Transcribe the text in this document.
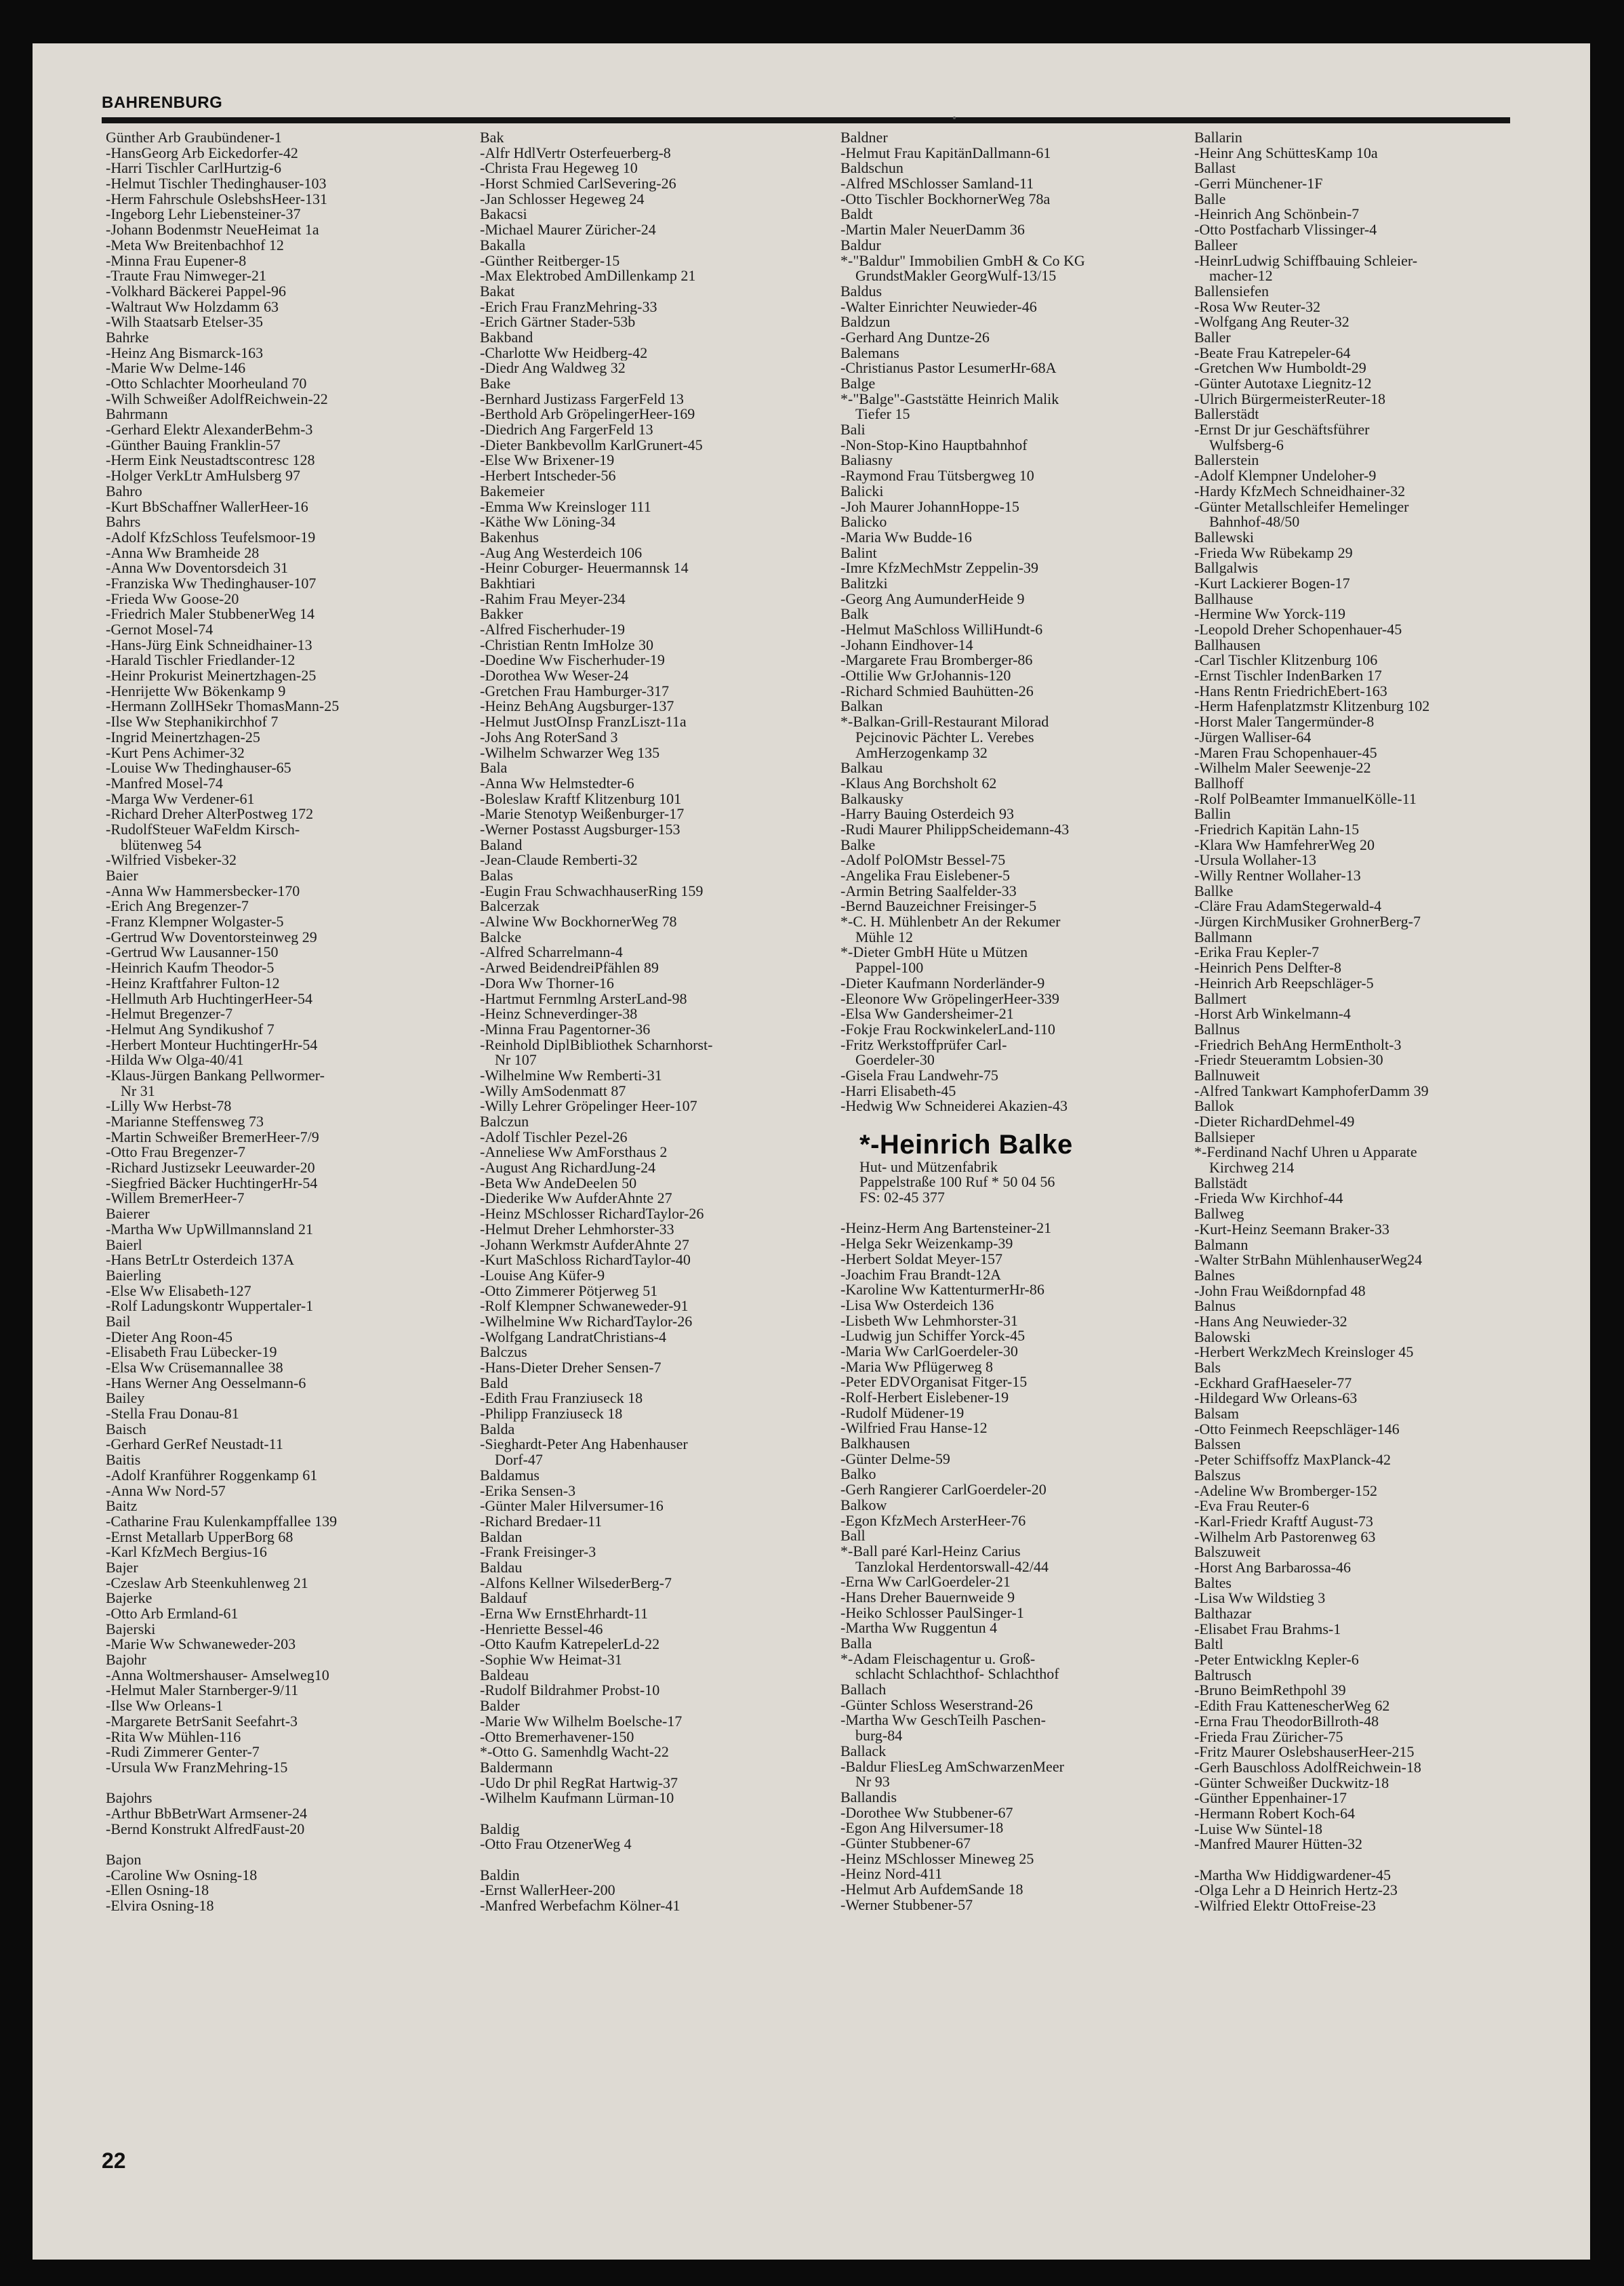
BAHRENBURG
Günther Arb Graubündener-1
-HansGeorg Arb Eickedorfer-42
-Harri Tischler CarlHurtzig-6
-Helmut Tischler Thedinghauser-103
-Herm Fahrschule OslebshsHeer-131
-Ingeborg Lehr Liebensteiner-37
-Johann Bodenmstr NeueHeimat 1a
-Meta Ww Breitenbachhof 12
-Minna Frau Eupener-8
-Traute Frau Nimweger-21
-Volkhard Bäckerei Pappel-96
-Waltraut Ww Holzdamm 63
-Wilh Staatsarb Etelser-35
Bahrke
-Heinz Ang Bismarck-163
-Marie Ww Delme-146
-Otto Schlachter Moorheuland 70
-Wilh Schweißer AdolfReichwein-22
Bahrmann
-Gerhard Elektr AlexanderBehm-3
-Günther Bauing Franklin-57
-Herm Eink Neustadtscontresc 128
-Holger VerkLtr AmHulsberg 97
Bahro
-Kurt BbSchaffner WallerHeer-16
Bahrs
-Adolf KfzSchloss Teufelsmoor-19
-Anna Ww Bramheide 28
-Anna Ww Doventorsdeich 31
-Franziska Ww Thedinghauser-107
-Frieda Ww Goose-20
-Friedrich Maler StubbenerWeg 14
-Gernot Mosel-74
-Hans-Jürg Eink Schneidhainer-13
-Harald Tischler Friedlander-12
-Heinr Prokurist Meinertzhagen-25
-Henrijette Ww Bökenkamp 9
-Hermann ZollHSekr ThomasMann-25
-Ilse Ww Stephanikirchhof 7
-Ingrid Meinertzhagen-25
-Kurt Pens Achimer-32
-Louise Ww Thedinghauser-65
-Manfred Mosel-74
-Marga Ww Verdener-61
-Richard Dreher AlterPostweg 172
-RudolfSteuer WaFeldm Kirsch-
blütenweg 54
-Wilfried Visbeker-32
Baier
-Anna Ww Hammersbecker-170
-Erich Ang Bregenzer-7
-Franz Klempner Wolgaster-5
-Gertrud Ww Doventorsteinweg 29
-Gertrud Ww Lausanner-150
-Heinrich Kaufm Theodor-5
-Heinz Kraftfahrer Fulton-12
-Hellmuth Arb HuchtingerHeer-54
-Helmut Bregenzer-7
-Helmut Ang Syndikushof 7
-Herbert Monteur HuchtingerHr-54
-Hilda Ww Olga-40/41
-Klaus-Jürgen Bankang Pellwormer-
Nr 31
-Lilly Ww Herbst-78
-Marianne Steffensweg 73
-Martin Schweißer BremerHeer-7/9
-Otto Frau Bregenzer-7
-Richard Justizsekr Leeuwarder-20
-Siegfried Bäcker HuchtingerHr-54
-Willem BremerHeer-7
Baierer
-Martha Ww UpWillmannsland 21
Baierl
-Hans BetrLtr Osterdeich 137A
Baierling
-Else Ww Elisabeth-127
-Rolf Ladungskontr Wuppertaler-1
Bail
-Dieter Ang Roon-45
-Elisabeth Frau Lübecker-19
-Elsa Ww Crüsemannallee 38
-Hans Werner Ang Oesselmann-6
Bailey
-Stella Frau Donau-81
Baisch
-Gerhard GerRef Neustadt-11
Baitis
-Adolf Kranführer Roggenkamp 61
-Anna Ww Nord-57
Baitz
-Catharine Frau Kulenkampffallee 139
-Ernst Metallarb UpperBorg 68
-Karl KfzMech Bergius-16
Bajer
-Czeslaw Arb Steenkuhlenweg 21
Bajerke
-Otto Arb Ermland-61
Bajerski
-Marie Ww Schwaneweder-203
Bajohr
-Anna Woltmershauser- Amselweg10
-Helmut Maler Starnberger-9/11
-Ilse Ww Orleans-1
-Margarete BetrSanit Seefahrt-3
-Rita Ww Mühlen-116
-Rudi Zimmerer Genter-7
-Ursula Ww FranzMehring-15

Bajohrs
-Arthur BbBetrWart Armsener-24
-Bernd Konstrukt AlfredFaust-20

Bajon
-Caroline Ww Osning-18
-Ellen Osning-18
-Elvira Osning-18
Bak
-Alfr HdlVertr Osterfeuerberg-8
-Christa Frau Hegeweg 10
-Horst Schmied CarlSevering-26
-Jan Schlosser Hegeweg 24
Bakacsi
-Michael Maurer Züricher-24
Bakalla
-Günther Reitberger-15
-Max Elektrobed AmDillenkamp 21
Bakat
-Erich Frau FranzMehring-33
-Erich Gärtner Stader-53b
Bakband
-Charlotte Ww Heidberg-42
-Diedr Ang Waldweg 32
Bake
-Bernhard Justizass FargerFeld 13
-Berthold Arb GröpelingerHeer-169
-Diedrich Ang FargerFeld 13
-Dieter Bankbevollm KarlGrunert-45
-Else Ww Brixener-19
-Herbert Intscheder-56
Bakemeier
-Emma Ww Kreinsloger 111
-Käthe Ww Löning-34
Bakenhus
-Aug Ang Westerdeich 106
-Heinr Coburger- Heuermannsk 14
Bakhtiari
-Rahim Frau Meyer-234
Bakker
-Alfred Fischerhuder-19
-Christian Rentn ImHolze 30
-Doedine Ww Fischerhuder-19
-Dorothea Ww Weser-24
-Gretchen Frau Hamburger-317
-Heinz BehAng Augsburger-137
-Helmut JustOInsp FranzLiszt-11a
-Johs Ang RoterSand 3
-Wilhelm Schwarzer Weg 135
Bala
-Anna Ww Helmstedter-6
-Boleslaw Kraftf Klitzenburg 101
-Marie Stenotyp Weißenburger-17
-Werner Postasst Augsburger-153
Baland
-Jean-Claude Remberti-32
Balas
-Eugin Frau SchwachhauserRing 159
Balcerzak
-Alwine Ww BockhornerWeg 78
Balcke
-Alfred Scharrelmann-4
-Arwed BeidendreiPfählen 89
-Dora Ww Thorner-16
-Hartmut Fernmlng ArsterLand-98
-Heinz Schneverdinger-38
-Minna Frau Pagentorner-36
-Reinhold DiplBibliothek Scharnhorst-
Nr 107
-Wilhelmine Ww Remberti-31
-Willy AmSodenmatt 87
-Willy Lehrer Gröpelinger Heer-107
Balczun
-Adolf Tischler Pezel-26
-Anneliese Ww AmForsthaus 2
-August Ang RichardJung-24
-Beta Ww AndeDeelen 50
-Diederike Ww AufderAhnte 27
-Heinz MSchlosser RichardTaylor-26
-Helmut Dreher Lehmhorster-33
-Johann Werkmstr AufderAhnte 27
-Kurt MaSchloss RichardTaylor-40
-Louise Ang Küfer-9
-Otto Zimmerer Pötjerweg 51
-Rolf Klempner Schwaneweder-91
-Wilhelmine Ww RichardTaylor-26
-Wolfgang LandratChristians-4
Balczus
-Hans-Dieter Dreher Sensen-7
Bald
-Edith Frau Franziuseck 18
-Philipp Franziuseck 18
Balda
-Sieghardt-Peter Ang Habenhauser
Dorf-47
Baldamus
-Erika Sensen-3
-Günter Maler Hilversumer-16
-Richard Bredaer-11
Baldan
-Frank Freisinger-3
Baldau
-Alfons Kellner WilsederBerg-7
Baldauf
-Erna Ww ErnstEhrhardt-11
-Henriette Bessel-46
-Otto Kaufm KatrepelerLd-22
-Sophie Ww Heimat-31
Baldeau
-Rudolf Bildrahmer Probst-10
Balder
-Marie Ww Wilhelm Boelsche-17
-Otto Bremerhavener-150
*-Otto G. Samenhdlg Wacht-22
Baldermann
-Udo Dr phil RegRat Hartwig-37
-Wilhelm Kaufmann Lürman-10

Baldig
-Otto Frau OtzenerWeg 4

Baldin
-Ernst WallerHeer-200
-Manfred Werbefachm Kölner-41
Baldner
-Helmut Frau KapitänDallmann-61
Baldschun
-Alfred MSchlosser Samland-11
-Otto Tischler BockhornerWeg 78a
Baldt
-Martin Maler NeuerDamm 36
Baldur
*-"Baldur" Immobilien GmbH & Co KG
GrundstMakler GeorgWulf-13/15
Baldus
-Walter Einrichter Neuwieder-46
Baldzun
-Gerhard Ang Duntze-26
Balemans
-Christianus Pastor LesumerHr-68A
Balge
*-"Balge"-Gaststätte Heinrich Malik
Tiefer 15
Bali
-Non-Stop-Kino Hauptbahnhof
Baliasny
-Raymond Frau Tütsbergweg 10
Balicki
-Joh Maurer JohannHoppe-15
Balicko
-Maria Ww Budde-16
Balint
-Imre KfzMechMstr Zeppelin-39
Balitzki
-Georg Ang AumunderHeide 9
Balk
-Helmut MaSchloss WilliHundt-6
-Johann Eindhover-14
-Margarete Frau Bromberger-86
-Ottilie Ww GrJohannis-120
-Richard Schmied Bauhütten-26
Balkan
*-Balkan-Grill-Restaurant Milorad
Pejcinovic Pächter L. Verebes
AmHerzogenkamp 32
Balkau
-Klaus Ang Borchsholt 62
Balkausky
-Harry Bauing Osterdeich 93
-Rudi Maurer PhilippScheidemann-43
Balke
-Adolf PolOMstr Bessel-75
-Angelika Frau Eislebener-5
-Armin Betring Saalfelder-33
-Bernd Bauzeichner Freisinger-5
*-C. H. Mühlenbetr An der Rekumer
Mühle 12
*-Dieter GmbH Hüte u Mützen
Pappel-100
-Dieter Kaufmann Norderländer-9
-Eleonore Ww GröpelingerHeer-339
-Elsa Ww Gandersheimer-21
-Fokje Frau RockwinkelerLand-110
-Fritz Werkstoffprüfer Carl-
Goerdeler-30
-Gisela Frau Landwehr-75
-Harri Elisabeth-45
-Hedwig Ww Schneiderei Akazien-43

*-Heinrich Balke
Hut- und Mützenfabrik
Pappelstraße 100 Ruf * 50 04 56
FS: 02-45 377

-Heinz-Herm Ang Bartensteiner-21
-Helga Sekr Weizenkamp-39
-Herbert Soldat Meyer-157
-Joachim Frau Brandt-12A
-Karoline Ww KattenturmerHr-86
-Lisa Ww Osterdeich 136
-Lisbeth Ww Lehmhorster-31
-Ludwig jun Schiffer Yorck-45
-Maria Ww CarlGoerdeler-30
-Maria Ww Pflügerweg 8
-Peter EDVOrganisat Fitger-15
-Rolf-Herbert Eislebener-19
-Rudolf Müdener-19
-Wilfried Frau Hanse-12
Balkhausen
-Günter Delme-59
Balko
-Gerh Rangierer CarlGoerdeler-20
Balkow
-Egon KfzMech ArsterHeer-76
Ball
*-Ball paré Karl-Heinz Carius
Tanzlokal Herdentorswall-42/44
-Erna Ww CarlGoerdeler-21
-Hans Dreher Bauernweide 9
-Heiko Schlosser PaulSinger-1
-Martha Ww Ruggentun 4
Balla
*-Adam Fleischagentur u. Groß-
schlacht Schlachthof- Schlachthof
Ballach
-Günter Schloss Weserstrand-26
-Martha Ww GeschTeilh Paschen-
burg-84
Ballack
-Baldur FliesLeg AmSchwarzenMeer
Nr 93
Ballandis
-Dorothee Ww Stubbener-67
-Egon Ang Hilversumer-18
-Günter Stubbener-67
-Heinz MSchlosser Mineweg 25
-Heinz Nord-411
-Helmut Arb AufdemSande 18
-Werner Stubbener-57
Ballarin
-Heinr Ang SchüttesKamp 10a
Ballast
-Gerri Münchener-1F
Balle
-Heinrich Ang Schönbein-7
-Otto Postfacharb Vlissinger-4
Balleer
-HeinrLudwig Schiffbauing Schleier-
macher-12
Ballensiefen
-Rosa Ww Reuter-32
-Wolfgang Ang Reuter-32
Baller
-Beate Frau Katrepeler-64
-Gretchen Ww Humboldt-29
-Günter Autotaxe Liegnitz-12
-Ulrich BürgermeisterReuter-18
Ballerstädt
-Ernst Dr jur Geschäftsführer
Wulfsberg-6
Ballerstein
-Adolf Klempner Undeloher-9
-Hardy KfzMech Schneidhainer-32
-Günter Metallschleifer Hemelinger
Bahnhof-48/50
Ballewski
-Frieda Ww Rübekamp 29
Ballgalwis
-Kurt Lackierer Bogen-17
Ballhause
-Hermine Ww Yorck-119
-Leopold Dreher Schopenhauer-45
Ballhausen
-Carl Tischler Klitzenburg 106
-Ernst Tischler IndenBarken 17
-Hans Rentn FriedrichEbert-163
-Herm Hafenplatzmstr Klitzenburg 102
-Horst Maler Tangermünder-8
-Jürgen Walliser-64
-Maren Frau Schopenhauer-45
-Wilhelm Maler Seewenje-22
Ballhoff
-Rolf PolBeamter ImmanuelKölle-11
Ballin
-Friedrich Kapitän Lahn-15
-Klara Ww HamfehrerWeg 20
-Ursula Wollaher-13
-Willy Rentner Wollaher-13
Ballke
-Cläre Frau AdamStegerwald-4
-Jürgen KirchMusiker GrohnerBerg-7
Ballmann
-Erika Frau Kepler-7
-Heinrich Pens Delfter-8
-Heinrich Arb Reepschläger-5
Ballmert
-Horst Arb Winkelmann-4
Ballnus
-Friedrich BehAng HermEntholt-3
-Friedr Steueramtm Lobsien-30
Ballnuweit
-Alfred Tankwart KamphoferDamm 39
Ballok
-Dieter RichardDehmel-49
Ballsieper
*-Ferdinand Nachf Uhren u Apparate
Kirchweg 214
Ballstädt
-Frieda Ww Kirchhof-44
Ballweg
-Kurt-Heinz Seemann Braker-33
Balmann
-Walter StrBahn MühlenhauserWeg24
Balnes
-John Frau Weißdornpfad 48
Balnus
-Hans Ang Neuwieder-32
Balowski
-Herbert WerkzMech Kreinsloger 45
Bals
-Eckhard GrafHaeseler-77
-Hildegard Ww Orleans-63
Balsam
-Otto Feinmech Reepschläger-146
Balssen
-Peter Schiffsoffz MaxPlanck-42
Balszus
-Adeline Ww Bromberger-152
-Eva Frau Reuter-6
-Karl-Friedr Kraftf August-73
-Wilhelm Arb Pastorenweg 63
Balszuweit
-Horst Ang Barbarossa-46
Baltes
-Lisa Ww Wildstieg 3
Balthazar
-Elisabet Frau Brahms-1
Baltl
-Peter Entwicklng Kepler-6
Baltrusch
-Bruno BeimRethpohl 39
-Edith Frau KattenescherWeg 62
-Erna Frau TheodorBillroth-48
-Frieda Frau Züricher-75
-Fritz Maurer OslebshauserHeer-215
-Gerh Bauschloss AdolfReichwein-18
-Günter Schweißer Duckwitz-18
-Günther Eppenhainer-17
-Hermann Robert Koch-64
-Luise Ww Süntel-18
-Manfred Maurer Hütten-32

-Martha Ww Hiddigwardener-45
-Olga Lehr a D Heinrich Hertz-23
-Wilfried Elektr OttoFreise-23
22
